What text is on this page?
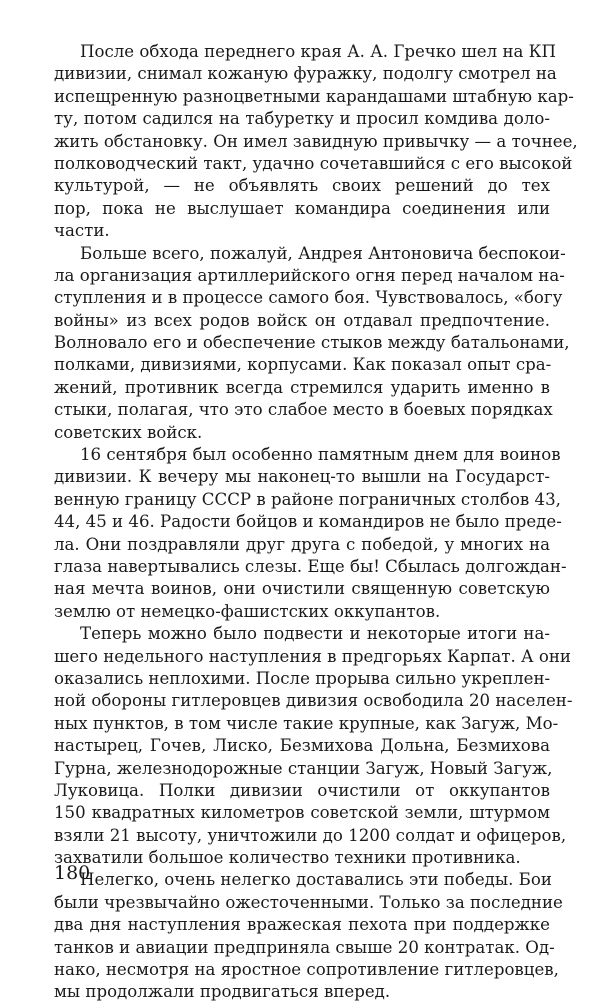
После обхода переднего края А. А. Гречко шел на КП
дивизии, снимал кожаную фуражку, подолгу смотрел на
испещренную разноцветными карандашами штабную кар-
ту, потом садился на табуретку и просил комдива доло-
жить обстановку. Он имел завидную привычку — а точнее,
полководческий такт, удачно сочетавшийся с его высокой
культурой, — не объявлять своих решений до тех
пор, пока не выслушает командира соединения или
части.
Больше всего, пожалуй, Андрея Антоновича беспокои-
ла организация артиллерийского огня перед началом на-
ступления и в процессе самого боя. Чувствовалось, «богу
войны» из всех родов войск он отдавал предпочтение.
Волновало его и обеспечение стыков между батальонами,
полками, дивизиями, корпусами. Как показал опыт сра-
жений, противник всегда стремился ударить именно в
стыки, полагая, что это слабое место в боевых порядках
советских войск.
16 сентября был особенно памятным днем для воинов
дивизии. К вечеру мы наконец-то вышли на Государст-
венную границу СССР в районе пограничных столбов 43,
44, 45 и 46. Радости бойцов и командиров не было преде-
ла. Они поздравляли друг друга с победой, у многих на
глаза навертывались слезы. Еще бы! Сбылась долгождан-
ная мечта воинов, они очистили священную советскую
землю от немецко-фашистских оккупантов.
Теперь можно было подвести и некоторые итоги на-
шего недельного наступления в предгорьях Карпат. А они
оказались неплохими. После прорыва сильно укреплен-
ной обороны гитлеровцев дивизия освободила 20 населен-
ных пунктов, в том числе такие крупные, как Загуж, Мо-
настырец, Гочев, Лиско, Безмихова Дольна, Безмихова
Гурна, железнодорожные станции Загуж, Новый Загуж,
Луковица. Полки дивизии очистили от оккупантов
150 квадратных километров советской земли, штурмом
взяли 21 высоту, уничтожили до 1200 солдат и офицеров,
захватили большое количество техники противника.
Нелегко, очень нелегко доставались эти победы. Бои
были чрезвычайно ожесточенными. Только за последние
два дня наступления вражеская пехота при поддержке
танков и авиации предприняла свыше 20 контратак. Од-
нако, несмотря на яростное сопротивление гитлеровцев,
мы продолжали продвигаться вперед.
180
